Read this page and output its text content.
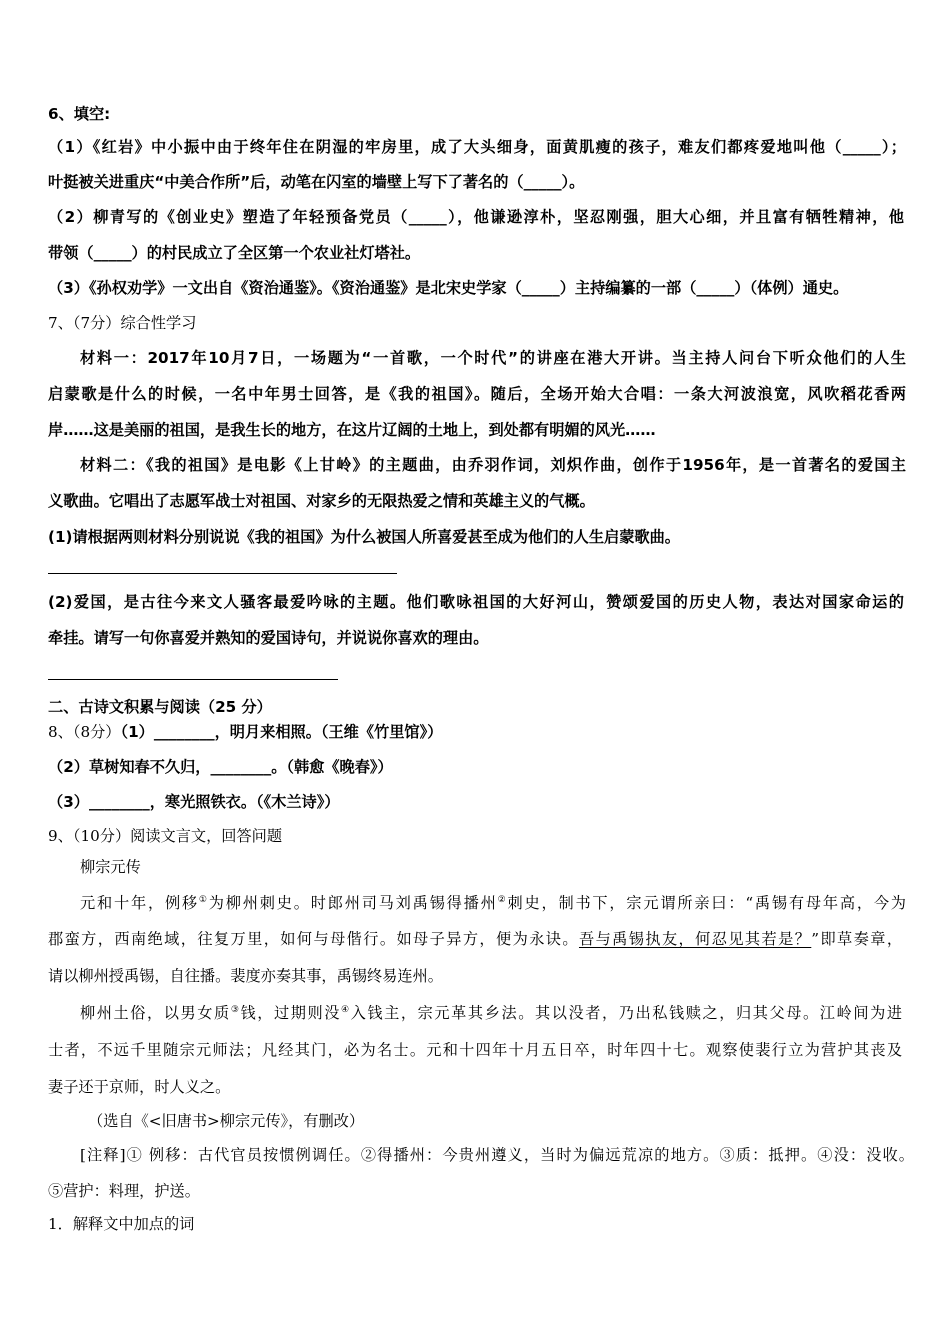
6、填空:
（1）《红岩》中小振中由于终年住在阴湿的牢房里，成了大头细身，面黄肌瘦的孩子，难友们都疼爱地叫他（_____）；
叶挺被关进重庆“中美合作所”后，动笔在闪室的墙壁上写下了著名的（_____）。
（2）柳青写的《创业史》塑造了年轻预备党员（_____），他谦逊淳朴，坚忍刚强，胆大心细，并且富有牺牲精神，他
带领（_____）的村民成立了全区第一个农业社灯塔社。
（3）《孙权劝学》一文出自《资治通鉴》。《资治通鉴》是北宋史学家（_____）主持编纂的一部（_____）（体例）通史。
7、（7分）综合性学习
材料一：2017年10月7日，一场题为“一首歌，一个时代”的讲座在港大开讲。当主持人问台下听众他们的人生
启蒙歌是什么的时候，一名中年男士回答，是《我的祖国》。随后，全场开始大合唱：一条大河波浪宽，风吹稻花香两
岸……这是美丽的祖国，是我生长的地方，在这片辽阔的土地上，到处都有明媚的风光……
材料二：《我的祖国》是电影《上甘岭》的主题曲，由乔羽作词，刘炽作曲，创作于1956年，是一首著名的爱国主
义歌曲。它唱出了志愿军战士对祖国、对家乡的无限热爱之情和英雄主义的气概。
(1)请根据两则材料分别说说《我的祖国》为什么被国人所喜爱甚至成为他们的人生启蒙歌曲。
(2)爱国，是古往今来文人骚客最爱吟咏的主题。他们歌咏祖国的大好河山，赞颂爱国的历史人物，表达对国家命运的
牵挂。请写一句你喜爱并熟知的爱国诗句，并说说你喜欢的理由。
二、古诗文积累与阅读（25 分）
8、（8分）（1）________，明月来相照。（王维《竹里馆》）
（2）草树知春不久归，________。（韩愈《晚春》）
（3）________，寒光照铁衣。（《木兰诗》）
9、（10分）阅读文言文，回答问题
柳宗元传
元和十年，例移①为柳州刺史。时郎州司马刘禹锡得播州②刺史，制书下，宗元谓所亲曰：“禹锡有母年高，今为
郡蛮方，西南绝域，往复万里，如何与母偕行。如母子异方，便为永诀。吾与禹锡执友，何忍见其若是？”即草奏章，
请以柳州授禹锡，自往播。裴度亦奏其事，禹锡终易连州。
柳州土俗，以男女质③钱，过期则没④入钱主，宗元革其乡法。其以没者，乃出私钱赎之，归其父母。江岭间为进
士者，不远千里随宗元师法；凡经其门，必为名士。元和十四年十月五日卒，时年四十七。观察使裴行立为营护其丧及
妻子还于京师，时人义之。
（选自《<旧唐书>柳宗元传》，有删改）
[注释]① 例移：古代官员按惯例调任。②得播州：今贵州遵义，当时为偏远荒凉的地方。③质：抵押。④没：没收。
⑤营护：料理，护送。
1．解释文中加点的词
